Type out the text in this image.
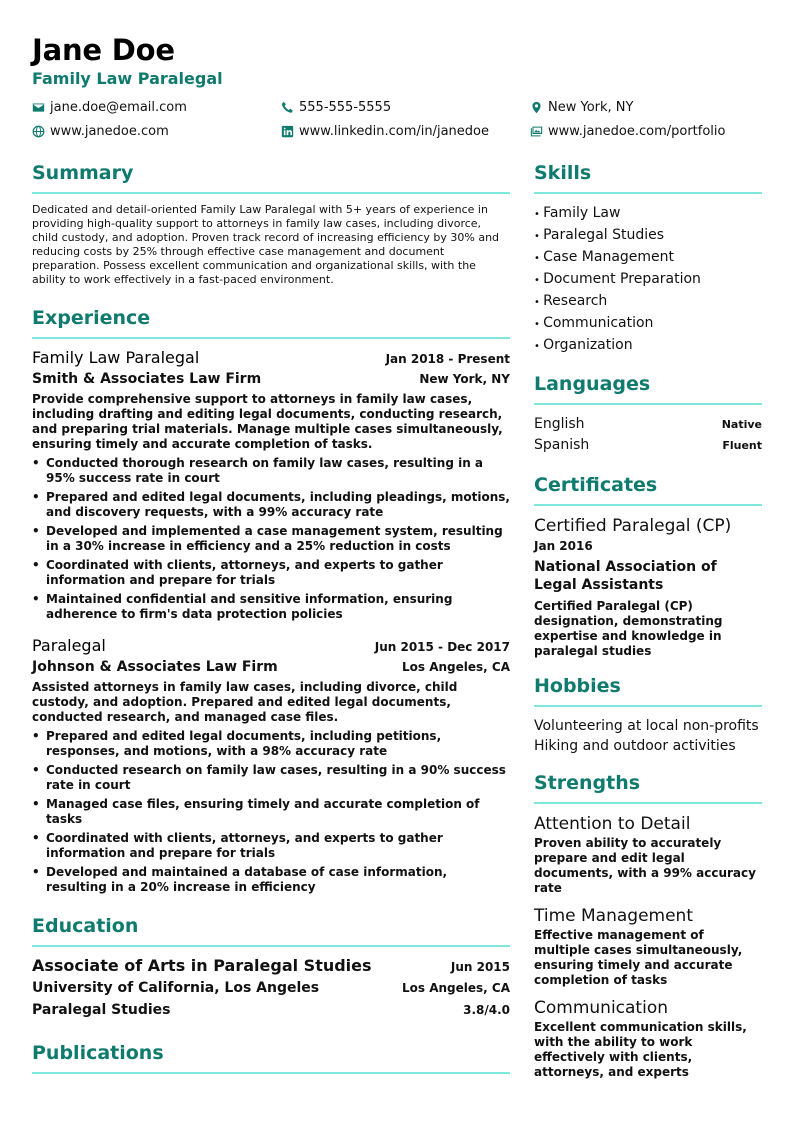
Jane Doe
Family Law Paralegal
jane.doe@email.com	555-555-5555	New York, NY
www.janedoe.com	www.linkedin.com/in/janedoe	www.janedoe.com/portfolio
Summary

Dedicated and detail-oriented Family Law Paralegal with 5+ years of experience in providing high-quality support to attorneys in family law cases, including divorce, child custody, and adoption. Proven track record of increasing efficiency by 30% and reducing costs by 25% through effective case management and document preparation. Possess excellent communication and organizational skills, with the ability to work effectively in a fast-paced environment.

Experience
Family Law Paralegal	Jan 2018 - Present
Smith & Associates Law Firm	New York, NY

Provide comprehensive support to attorneys in family law cases, including drafting and editing legal documents, conducting research, and preparing trial materials. Manage multiple cases simultaneously, ensuring timely and accurate completion of tasks.

• Conducted thorough research on family law cases, resulting in a 95% success rate in court
• Prepared and edited legal documents, including pleadings, motions, and discovery requests, with a 99% accuracy rate
• Developed and implemented a case management system, resulting in a 30% increase in efficiency and a 25% reduction in costs
• Coordinated with clients, attorneys, and experts to gather information and prepare for trials
• Maintained confidential and sensitive information, ensuring adherence to firm's data protection policies
Paralegal	Jun 2015 - Dec 2017
Johnson & Associates Law Firm	Los Angeles, CA

Assisted attorneys in family law cases, including divorce, child custody, and adoption. Prepared and edited legal documents, conducted research, and managed case files.

• Prepared and edited legal documents, including petitions, responses, and motions, with a 98% accuracy rate
• Conducted research on family law cases, resulting in a 90% success rate in court
• Managed case files, ensuring timely and accurate completion of tasks
• Coordinated with clients, attorneys, and experts to gather information and prepare for trials
• Developed and maintained a database of case information, resulting in a 20% increase in efficiency
Education
Associate of Arts in Paralegal Studies	Jun 2015
University of California, Los Angeles	Los Angeles, CA
Paralegal Studies	3.8/4.0
Publications
Skills
• Family Law
• Paralegal Studies
• Case Management
• Document Preparation
• Research
• Communication
• Organization
Languages
English	Native
Spanish	Fluent
Certificates
Certified Paralegal (CP)
Jan 2016
National Association of Legal Assistants
Certified Paralegal (CP) designation, demonstrating expertise and knowledge in paralegal studies
Hobbies
Volunteering at local non-profits
Hiking and outdoor activities
Strengths
Attention to Detail
Proven ability to accurately prepare and edit legal documents, with a 99% accuracy rate
Time Management
Effective management of multiple cases simultaneously, ensuring timely and accurate completion of tasks
Communication
Excellent communication skills, with the ability to work effectively with clients, attorneys, and experts
